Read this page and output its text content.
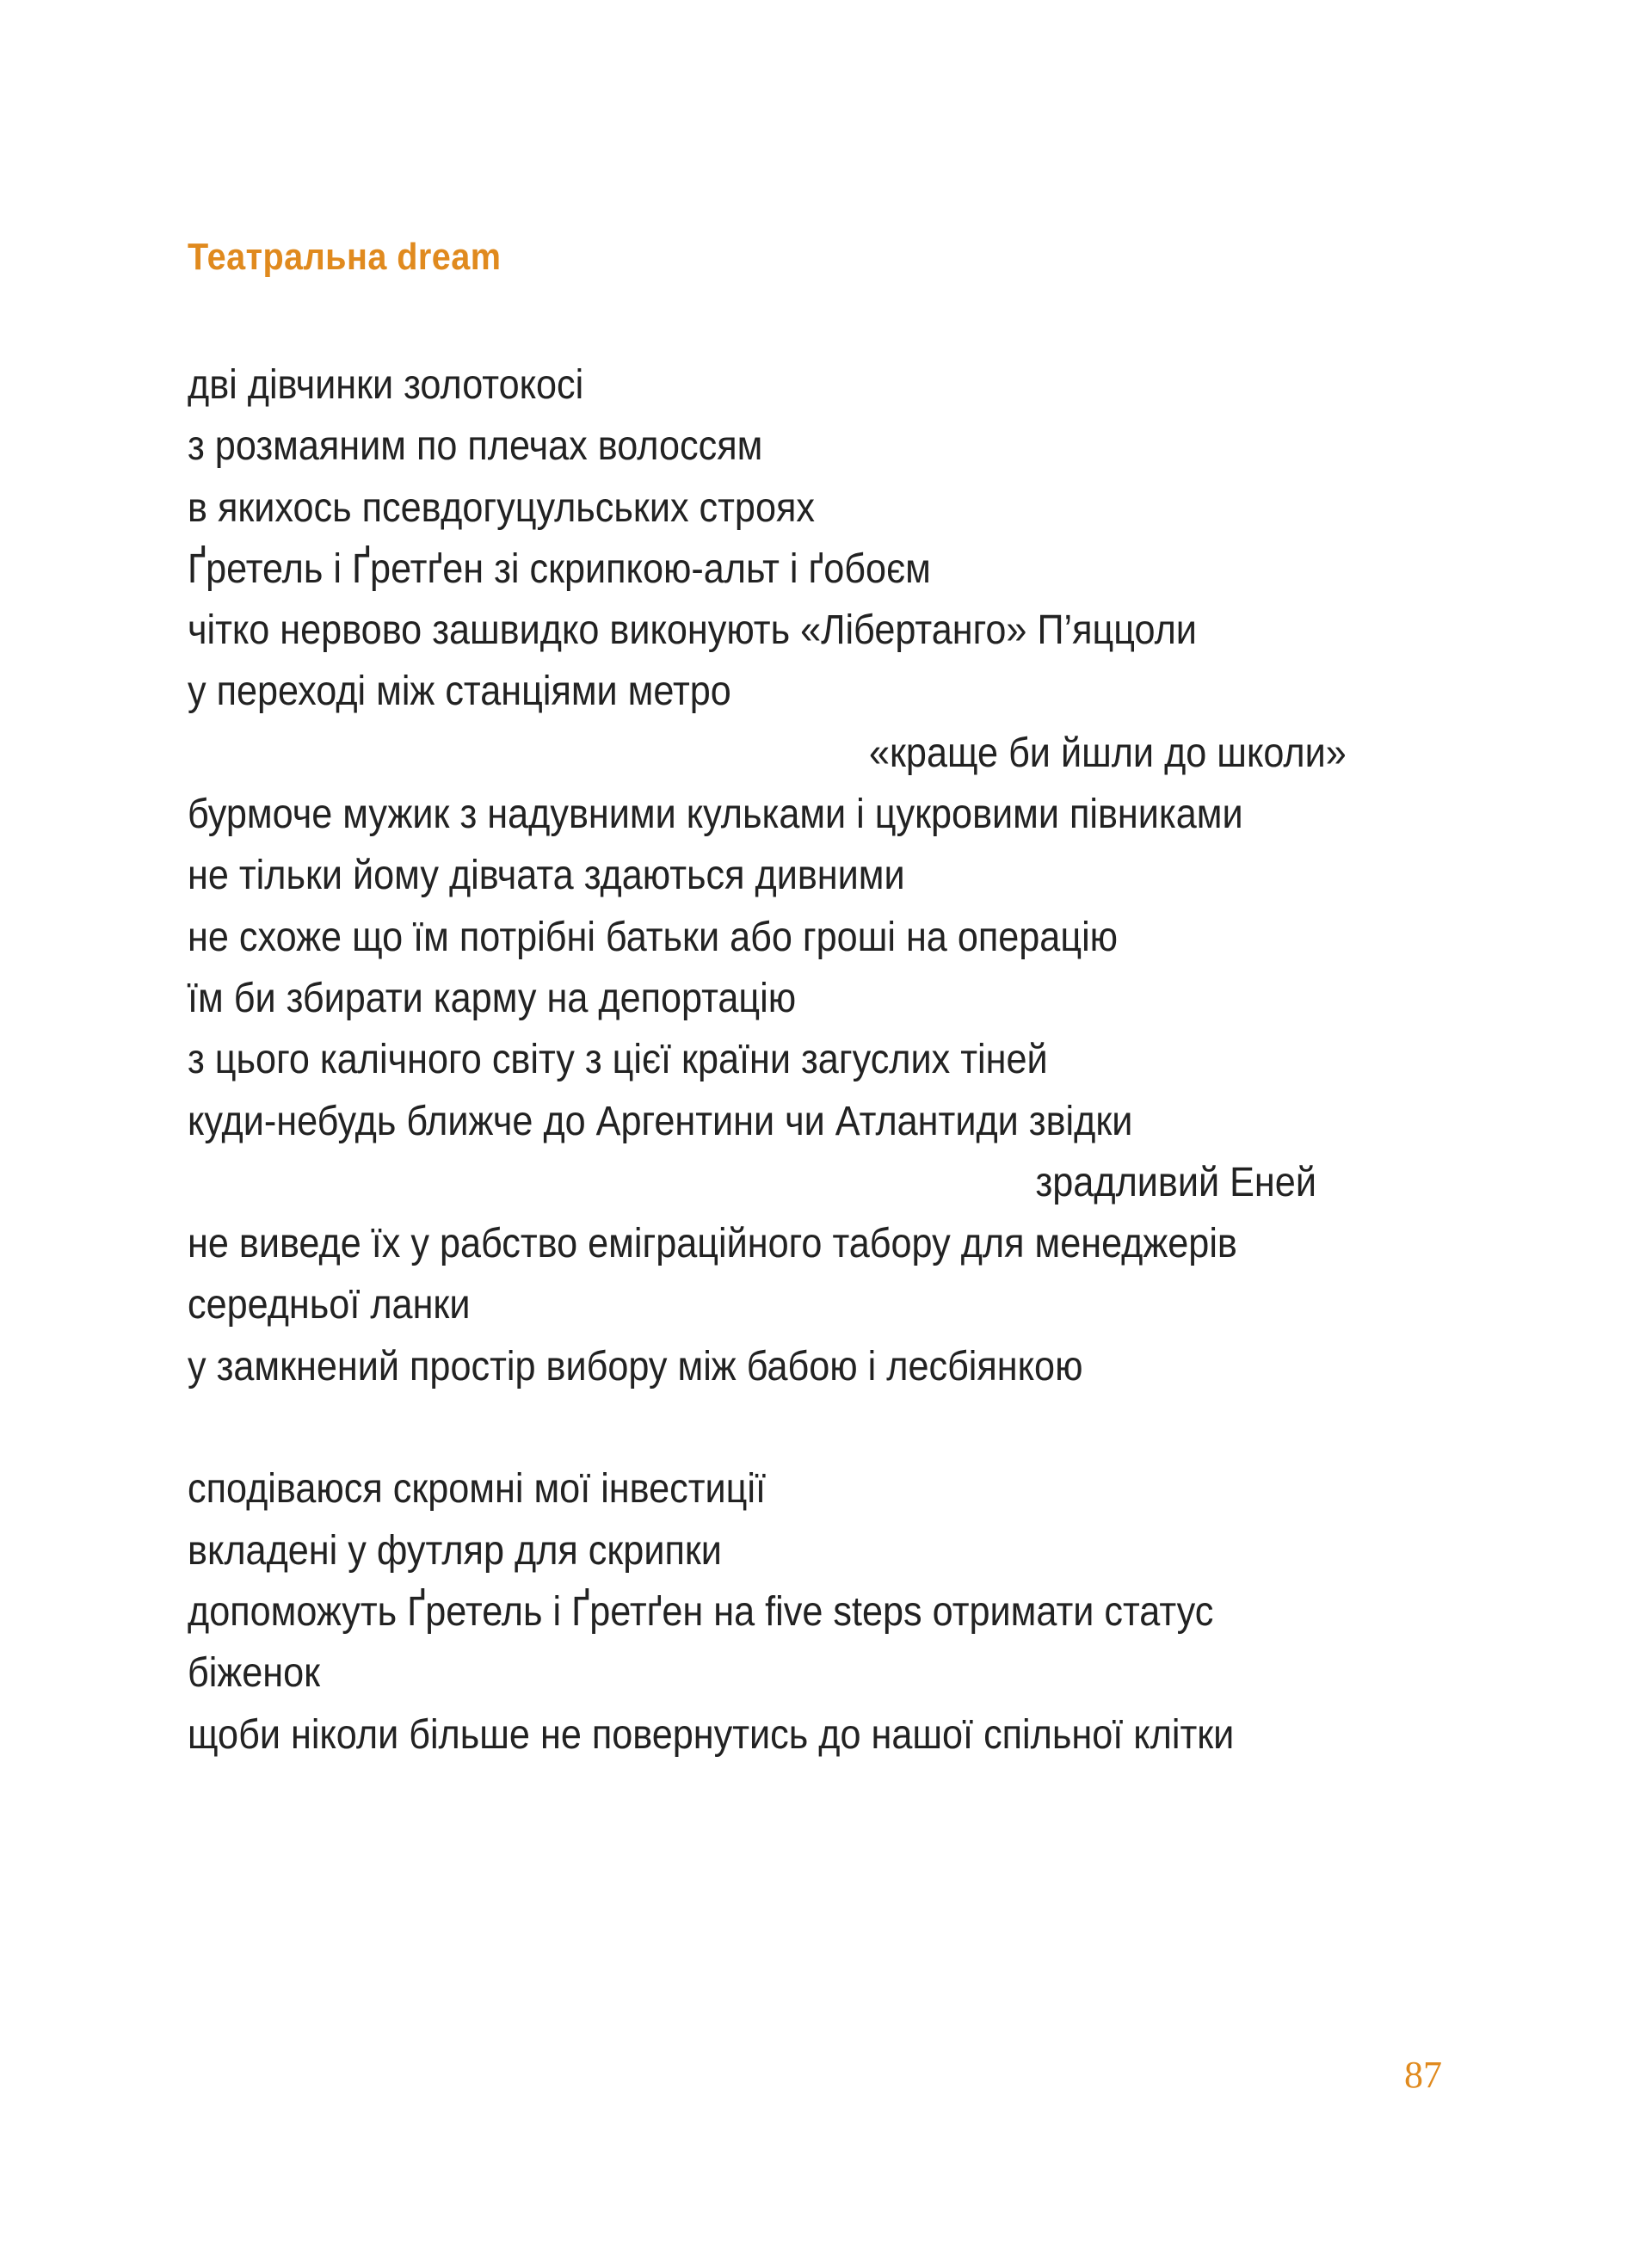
Театральна dream
дві дівчинки золотокосі
з розмаяним по плечах волоссям
в якихось псевдогуцульських строях
Ґретель і Ґретґен зі скрипкою-альт і ґобоєм
чітко нервово зашвидко виконують «Лібертанго» П’яццоли
у переході між станціями метро
«краще би йшли до школи»
бурмоче мужик з надувними кульками і цукровими півниками
не тільки йому дівчата здаються дивними
не схоже що їм потрібні батьки або гроші на операцію
їм би збирати карму на депортацію
з цього калічного світу з цієї країни загуслих тіней
куди-небудь ближче до Аргентини чи Атлантиди звідки
зрадливий Еней
не виведе їх у рабство еміграційного табору для менеджерів
середньої ланки
у замкнений простір вибору між бабою і лесбіянкою
сподіваюся скромні мої інвестиції
вкладені у футляр для скрипки
допоможуть Ґретель і Ґретґен на five steps отримати статус
біженок
щоби ніколи більше не повернутись до нашої спільної клітки
87
